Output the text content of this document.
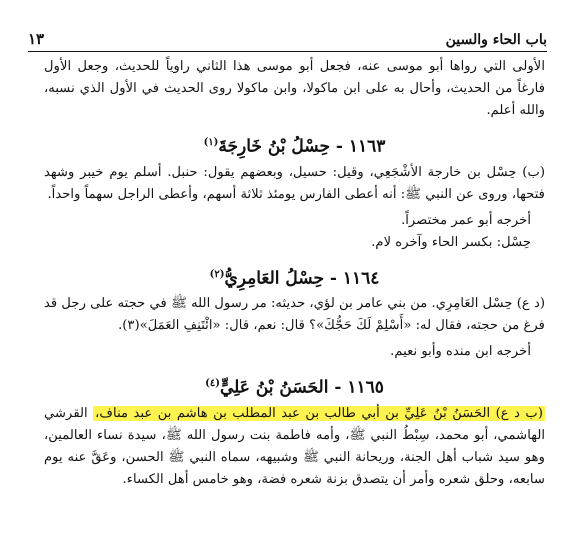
١٣	باب الحاء والسين

الأولى التي رواها أبو موسى عنه، فجعل أبو موسى هذا الثاني راوياً للحديث، وجعل الأول فارغاً من الحديث، وأحال به على ابن ماكولا، وابن ماكولا روى الحديث في الأول الذي نسبه، والله أعلم.

١١٦٣ - حِسْلُ بْنُ خَارِجَةَ$^{(١)}$

(ب) حِسْل بن خارجة الأشْجَعِي، وقيل: حسيل، وبعضهم يقول: حنبل. أسلم يوم خيبر وشهد فتحها، وروى عن النبي ﷺ: أنه أعطى الفارس يومئذ ثلاثة أسهم، وأعطى الراجل سهماً واحداً.

أخرجه أبو عمر مختصراً.

حِسْل: بكسر الحاء وآخره لام.

١١٦٤ - حِسْلُ العَامِرِيُّ$^{(٢)}$

(د ع) حِسْل العَامِرِي. من بني عامر بن لؤي، حديثه: مر رسول الله ﷺ في حجته على رجل قد فرغ من حجته، فقال له: «أَسْلِمْ لَكَ حَجُّكَ»؟ قال: نعم، قال: «ائْتَنِفِ العَمَلَ»(٣).

أخرجه ابن منده وأبو نعيم.

١١٦٥ - الحَسَنُ بْنُ عَلِيٍّ$^{(٤)}$

(ب د ع) الحَسَنُ بْنُ عَلِيِّ بن أبي طالب بن عبد المطلب بن هاشم بن عبد مناف، القرشي الهاشمي، أبو محمد، سِبْطُ النبي ﷺ، وأمه فاطمة بنت رسول الله ﷺ، سيدة نساء العالمين، وهو سيد شباب أهل الجنة، وريحانة النبي ﷺ وشبيهه، سماه النبي ﷺ الحسن، وعَقَّ عنه يوم سابعه، وحلق شعره وأمر أن يتصدق بزنة شعره فضة، وهو خامس أهل الكساء.
